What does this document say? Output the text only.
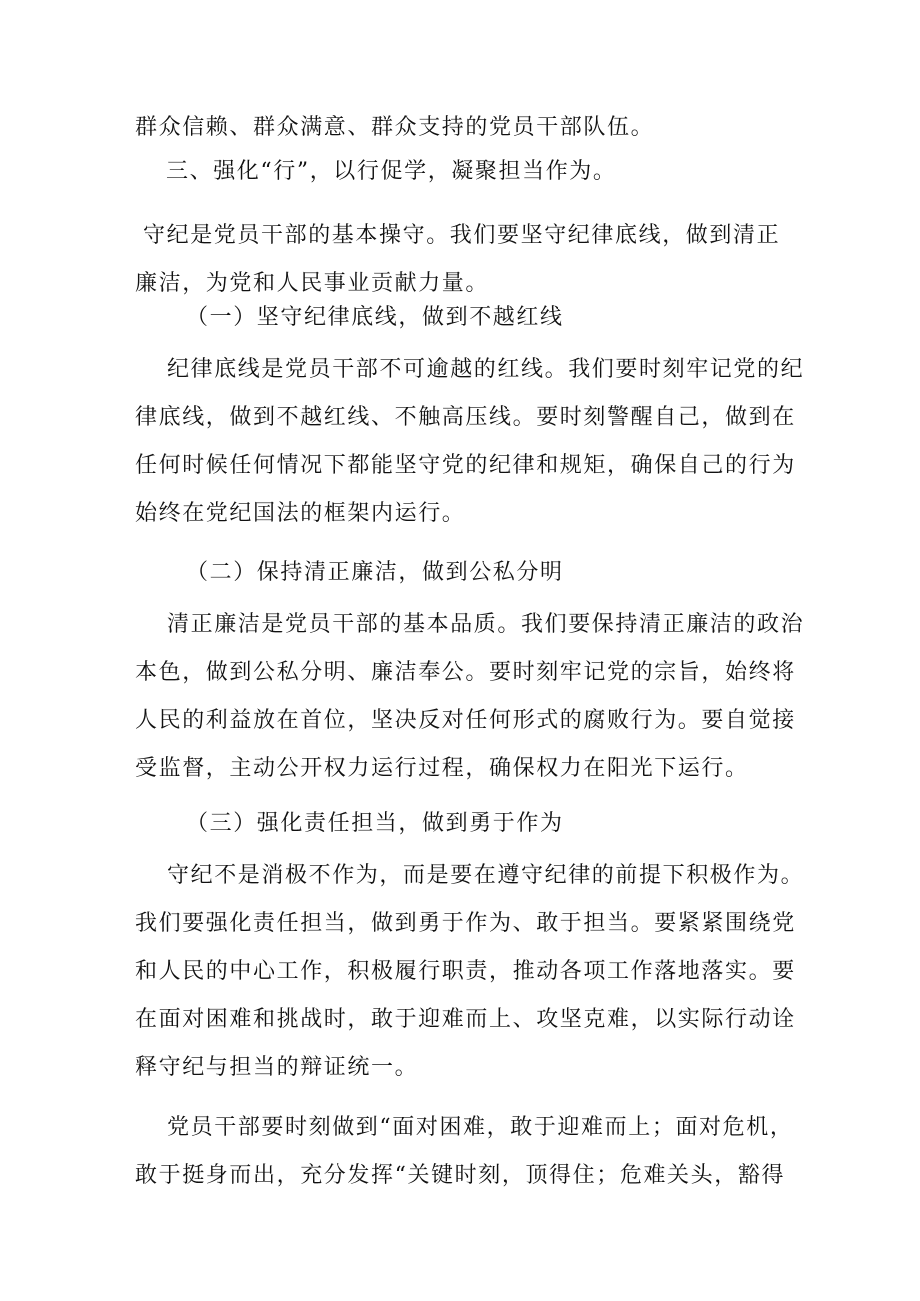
群众信赖、群众满意、群众支持的党员干部队伍。
三、强化“行”，以行促学，凝聚担当作为。
守纪是党员干部的基本操守。我们要坚守纪律底线，做到清正
廉洁，为党和人民事业贡献力量。
（一）坚守纪律底线，做到不越红线
纪律底线是党员干部不可逾越的红线。我们要时刻牢记党的纪
律底线，做到不越红线、不触高压线。要时刻警醒自己，做到在
任何时候任何情况下都能坚守党的纪律和规矩，确保自己的行为
始终在党纪国法的框架内运行。
（二）保持清正廉洁，做到公私分明
清正廉洁是党员干部的基本品质。我们要保持清正廉洁的政治
本色，做到公私分明、廉洁奉公。要时刻牢记党的宗旨，始终将
人民的利益放在首位，坚决反对任何形式的腐败行为。要自觉接
受监督，主动公开权力运行过程，确保权力在阳光下运行。
（三）强化责任担当，做到勇于作为
守纪不是消极不作为，而是要在遵守纪律的前提下积极作为。
我们要强化责任担当，做到勇于作为、敢于担当。要紧紧围绕党
和人民的中心工作，积极履行职责，推动各项工作落地落实。要
在面对困难和挑战时，敢于迎难而上、攻坚克难，以实际行动诠
释守纪与担当的辩证统一。
党员干部要时刻做到“面对困难，敢于迎难而上；面对危机，
敢于挺身而出，充分发挥“关键时刻，顶得住；危难关头，豁得
